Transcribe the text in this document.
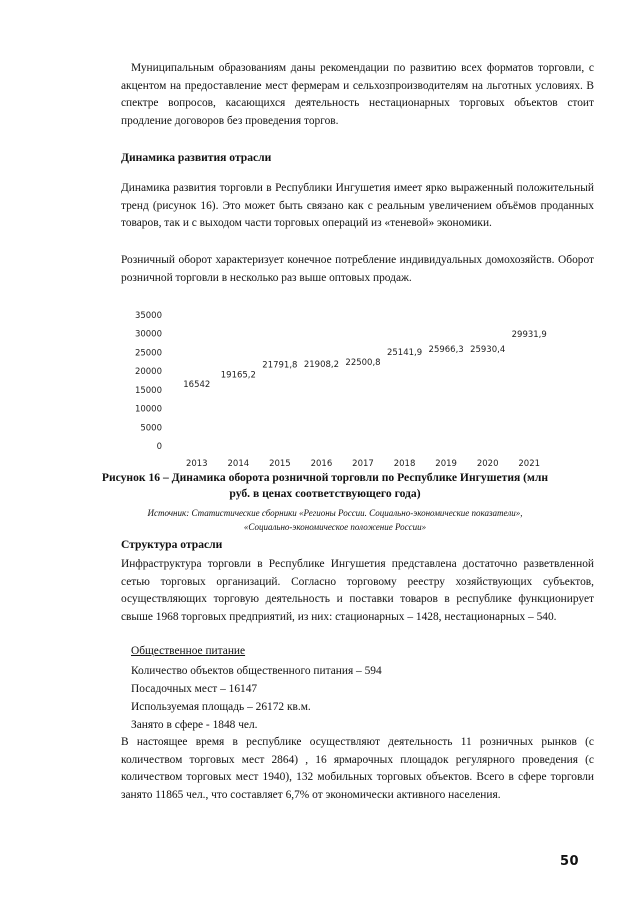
Муниципальным образованиям даны рекомендации по развитию всех форматов торговли, с акцентом на предоставление мест фермерам и сельхозпроизводителям на льготных условиях. В спектре вопросов, касающихся деятельность нестационарных торговых объектов стоит продление договоров без проведения торгов.
Динамика развития отрасли
Динамика развития торговли в Республики Ингушетия имеет ярко выраженный положительный тренд (рисунок 16). Это может быть связано как с реальным увеличением объёмов проданных товаров, так и с выходом части торговых операций из «теневой» экономики.
Розничный оборот характеризует конечное потребление индивидуальных домохозяйств. Оборот розничной торговли в несколько раз выше оптовых продаж.
0
5000
10000
15000
20000
25000
30000
35000
2013 2014 2015 2016 2017 2018 2019 2020 2021
16542
19165,2
21791,8 21908,2 22500,8
25141,9 25966,3 25930,4
29931,9
Рисунок 16 – Динамика оборота розничной торговли по Республике Ингушетия (млн
руб. в ценах соответствующего года)
Источник: Статистические сборники «Регионы России. Социально-экономические показатели»,
«Социально-экономическое положение России»
Структура отрасли
Инфраструктура торговли в Республике Ингушетия представлена достаточно разветвленной сетью торговых организаций. Согласно торговому реестру хозяйствующих субъектов, осуществляющих торговую деятельность и поставки товаров в республике функционирует свыше 1968 торговых предприятий, из них: стационарных – 1428, нестационарных – 540.
Общественное питание
Количество объектов общественного питания – 594
Посадочных мест – 16147
Используемая площадь – 26172 кв.м.
Занято в сфере - 1848 чел.
В настоящее время в республике осуществляют деятельность 11 розничных рынков (с количеством торговых мест 2864) , 16 ярмарочных площадок регулярного проведения (с количеством торговых мест 1940), 132 мобильных торговых объектов. Всего в сфере торговли занято 11865 чел., что составляет 6,7% от экономически активного населения.
50
